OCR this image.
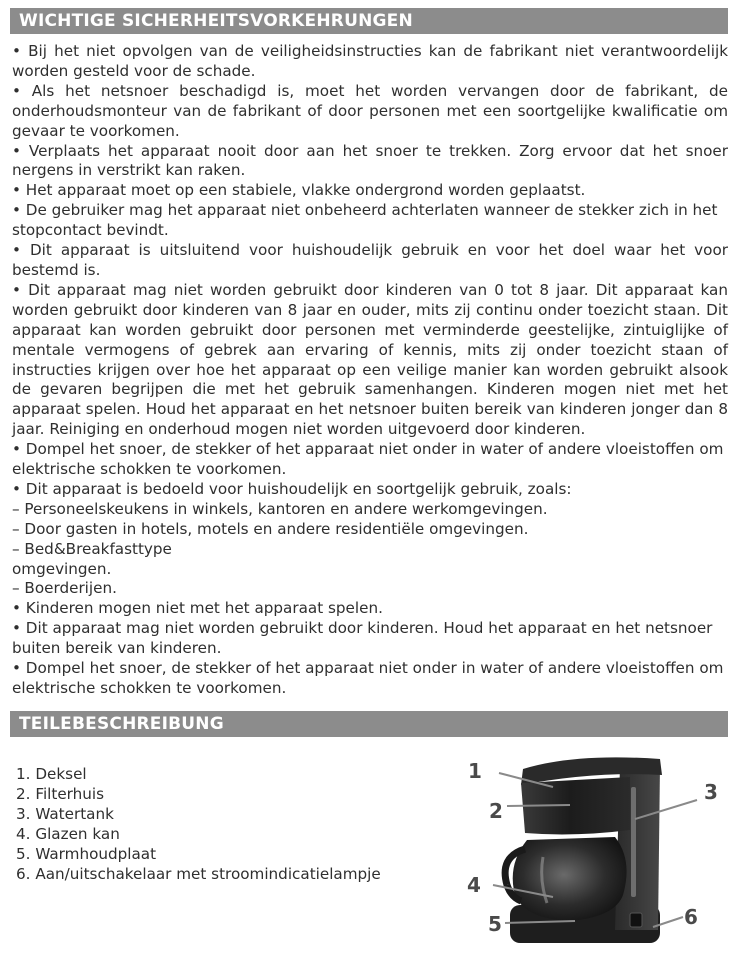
WICHTIGE SICHERHEITSVORKEHRUNGEN

• Bij het niet opvolgen van de veiligheidsinstructies kan de fabrikant niet verantwoordelijk worden gesteld voor de schade.

• Als het netsnoer beschadigd is, moet het worden vervangen door de fabrikant, de onderhoudsmonteur van de fabrikant of door personen met een soortgelijke kwalificatie om gevaar te voorkomen.

• Verplaats het apparaat nooit door aan het snoer te trekken. Zorg ervoor dat het snoer nergens in verstrikt kan raken.

• Het apparaat moet op een stabiele, vlakke ondergrond worden geplaatst.

• De gebruiker mag het apparaat niet onbeheerd achterlaten wanneer de stekker zich in het stopcontact bevindt.

• Dit apparaat is uitsluitend voor huishoudelijk gebruik en voor het doel waar het voor bestemd is.

• Dit apparaat mag niet worden gebruikt door kinderen van 0 tot 8 jaar. Dit apparaat kan worden gebruikt door kinderen van 8 jaar en ouder, mits zij continu onder toezicht staan. Dit apparaat kan worden gebruikt door personen met verminderde geestelijke, zintuiglijke of mentale vermogens of gebrek aan ervaring of kennis, mits zij onder toezicht staan of instructies krijgen over hoe het apparaat op een veilige manier kan worden gebruikt alsook de gevaren begrijpen die met het gebruik samenhangen. Kinderen mogen niet met het apparaat spelen. Houd het apparaat en het netsnoer buiten bereik van kinderen jonger dan 8 jaar. Reiniging en onderhoud mogen niet worden uitgevoerd door kinderen.

• Dompel het snoer, de stekker of het apparaat niet onder in water of andere vloeistoffen om elektrische schokken te voorkomen.

• Dit apparaat is bedoeld voor huishoudelijk en soortgelijk gebruik, zoals:

– Personeelskeukens in winkels, kantoren en andere werkomgevingen.

– Door gasten in hotels, motels en andere residentiële omgevingen.

– Bed&Breakfasttype

omgevingen.

– Boerderijen.

• Kinderen mogen niet met het apparaat spelen.

• Dit apparaat mag niet worden gebruikt door kinderen. Houd het apparaat en het netsnoer buiten bereik van kinderen.

• Dompel het snoer, de stekker of het apparaat niet onder in water of andere vloeistoffen om elektrische schokken te voorkomen.

TEILEBESCHREIBUNG
1. Deksel
2. Filterhuis
3. Watertank
4. Glazen kan
5. Warmhoudplaat
6. Aan/uitschakelaar met stroomindicatielampje
1
2
3
4
5	6
